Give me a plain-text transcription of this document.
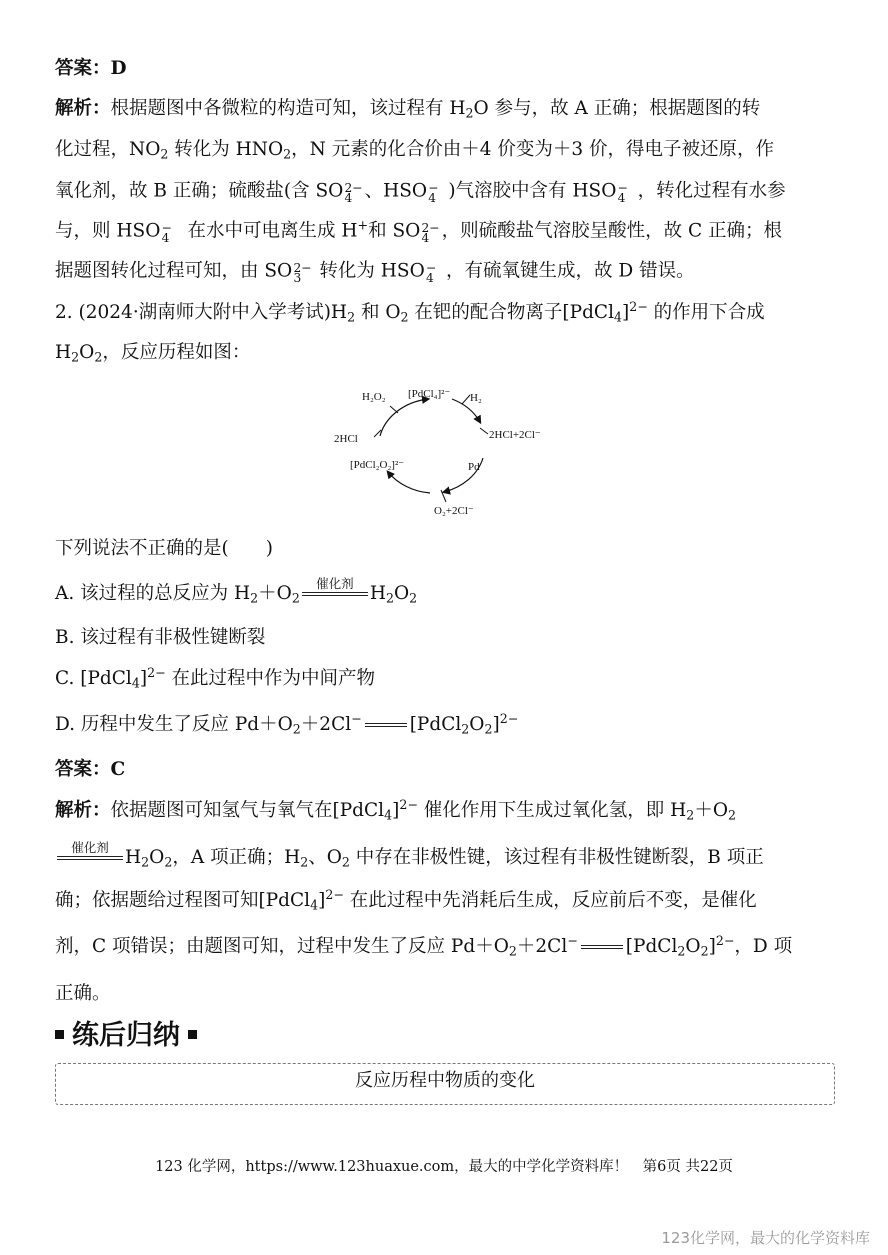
答案：D
解析：根据题图中各微粒的构造可知，该过程有 $H_2O$ 参与，故 A 正确；根据题图的转
化过程，$NO_2$ 转化为 $HNO_2$，N 元素的化合价由＋4 价变为＋3 价，得电子被还原，作
氧化剂，故 B 正确；硫酸盐(含 SO 2−
4 、HSO −
4 )气溶胶中含有 HSO −
4 ，转化过程有水参
与，则 HSO −
4 在水中可电离生成 H+和 SO 2−
4 ，则硫酸盐气溶胶呈酸性，故 C 正确；根
据题图转化过程可知，由 SO 2−
3 转化为 HSO −
4 ，有硫氧键生成，故 D 错误。
2. (2024·湖南师大附中入学考试)$H_2$ 和 $O_2$ 在钯的配合物离子[PdCl$_4$]$^{2-}$ 的作用下合成
$H_2O_2$，反应历程如图：
H₂O₂ [PdCl₄]²⁻ H₂
2HCl+2Cl⁻
2HCl
[PdCl₂O₂]²⁻	Pd
O₂+2Cl⁻
下列说法不正确的是(　　)
A. 该过程的总反应为 $H_2+O_2$
催化剂 $H_2O_2$
B. 该过程有非极性键断裂
C. [PdCl$_4$]$^{2-}$ 在此过程中作为中间产物
D. 历程中发生了反应 $Pd+O_2+2Cl^-$	$[PdCl_2O_2]^{2-}$
答案：C
解析：依据题图可知氢气与氧气在[PdCl$_4$]$^{2-}$ 催化作用下生成过氧化氢，即 $H_2+O_2$
催化剂 $H_2O_2$，A 项正确；$H_2$、$O_2$ 中存在非极性键，该过程有非极性键断裂，B 项正
确；依据题给过程图可知[PdCl$_4$]$^{2-}$ 在此过程中先消耗后生成，反应前后不变，是催化
剂，C 项错误；由题图可知，过程中发生了反应 $Pd+O_2+2Cl^-$	$[PdCl_2O_2]^{2-}$，D 项
正确。
练后归纳
反应历程中物质的变化
123 化学网，https://www.123huaxue.com，最大的中学化学资料库！　第6页 共22页
123化学网，最大的化学资料库
